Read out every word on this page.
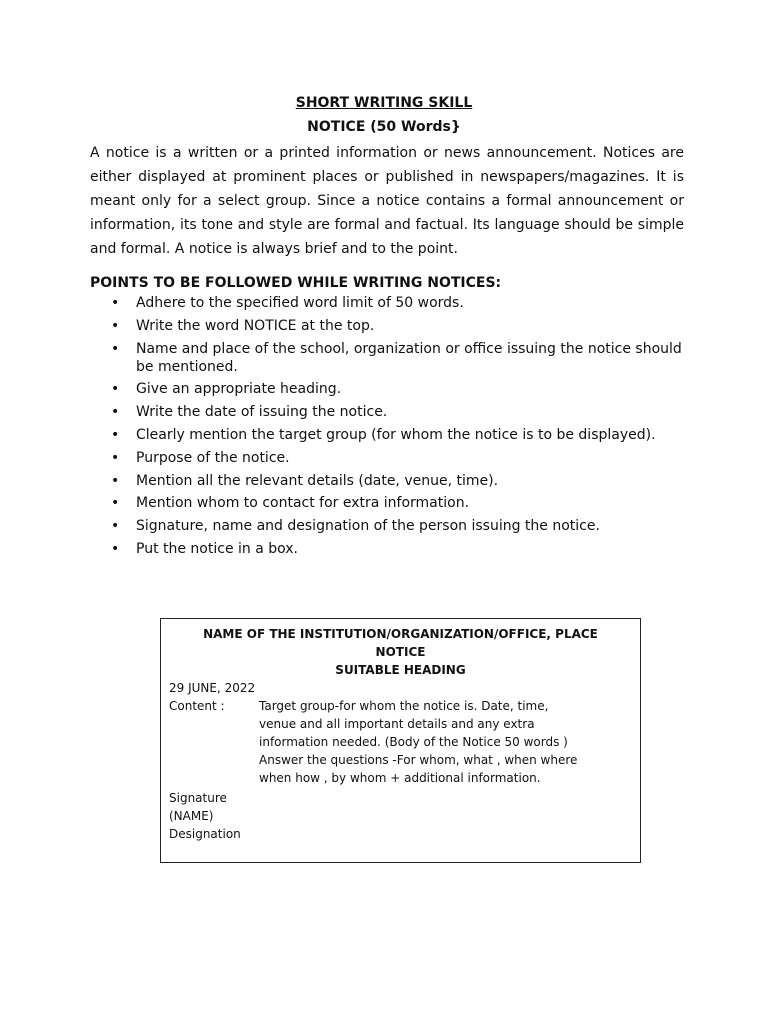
SHORT WRITING SKILL
NOTICE (50 Words}

A notice is a written or a printed information or news announcement. Notices are either displayed at prominent places or published in newspapers/magazines. It is meant only for a select group. Since a notice contains a formal announcement or information, its tone and style are formal and factual. Its language should be simple and formal. A notice is always brief and to the point.

POINTS TO BE FOLLOWED WHILE WRITING NOTICES:

• Adhere to the specified word limit of 50 words.
• Write the word NOTICE at the top.
• Name and place of the school, organization or office issuing the notice should be mentioned.
• Give an appropriate heading.
• Write the date of issuing the notice.
• Clearly mention the target group (for whom the notice is to be displayed).
• Purpose of the notice.
• Mention all the relevant details (date, venue, time).
• Mention whom to contact for extra information.
• Signature, name and designation of the person issuing the notice.
• Put the notice in a box.
NAME OF THE INSTITUTION/ORGANIZATION/OFFICE, PLACE
NOTICE
SUITABLE HEADING
29 JUNE, 2022
Content :	Target group-for whom the notice is. Date, time, venue and all important details and any extra information needed. (Body of the Notice 50 words ) Answer the questions -For whom, what , when where when how , by whom + additional information.
Signature
(NAME)
Designation
